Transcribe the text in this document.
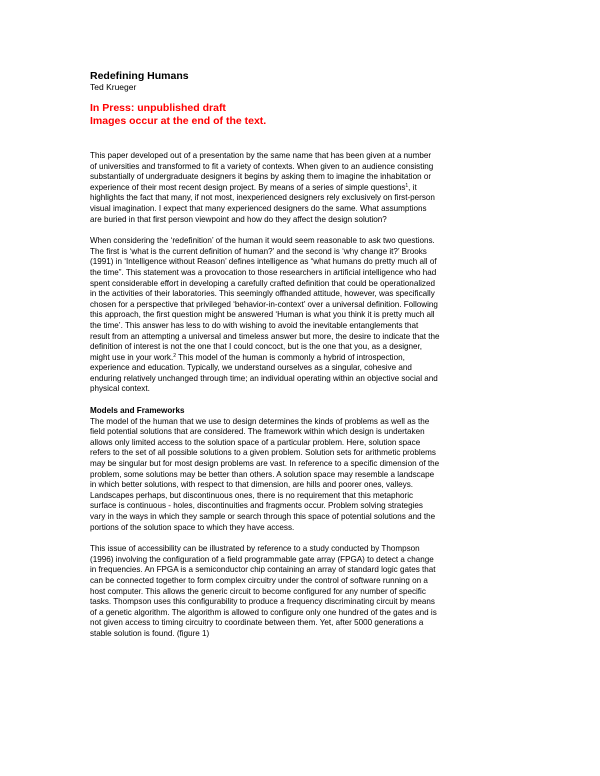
Redefining Humans
Ted Krueger
In Press: unpublished draft
Images occur at the end of the text.
This paper developed out of a presentation by the same name that has been given at a number
of universities and transformed to fit a variety of contexts. When given to an audience consisting
substantially of undergraduate designers it begins by asking them to imagine the inhabitation or
experience of their most recent design project. By means of a series of simple questions$^1$, it
highlights the fact that many, if not most, inexperienced designers rely exclusively on first-person
visual imagination. I expect that many experienced designers do the same. What assumptions
are buried in that first person viewpoint and how do they affect the design solution?
When considering the ‘redefinition’ of the human it would seem reasonable to ask two questions.
The first is ‘what is the current definition of human?’ and the second is ‘why change it?’ Brooks
(1991) in ‘Intelligence without Reason’ defines intelligence as “what humans do pretty much all of
the time”. This statement was a provocation to those researchers in artificial intelligence who had
spent considerable effort in developing a carefully crafted definition that could be operationalized
in the activities of their laboratories. This seemingly offhanded attitude, however, was specifically
chosen for a perspective that privileged ‘behavior-in-context’ over a universal definition. Following
this approach, the first question might be answered ‘Human is what you think it is pretty much all
the time’. This answer has less to do with wishing to avoid the inevitable entanglements that
result from an attempting a universal and timeless answer but more, the desire to indicate that the
definition of interest is not the one that I could concoct, but is the one that you, as a designer,
might use in your work.$^2$ This model of the human is commonly a hybrid of introspection,
experience and education. Typically, we understand ourselves as a singular, cohesive and
enduring relatively unchanged through time; an individual operating within an objective social and
physical context.
Models and Frameworks
The model of the human that we use to design determines the kinds of problems as well as the
field potential solutions that are considered. The framework within which design is undertaken
allows only limited access to the solution space of a particular problem. Here, solution space
refers to the set of all possible solutions to a given problem. Solution sets for arithmetic problems
may be singular but for most design problems are vast. In reference to a specific dimension of the
problem, some solutions may be better than others. A solution space may resemble a landscape
in which better solutions, with respect to that dimension, are hills and poorer ones, valleys.
Landscapes perhaps, but discontinuous ones, there is no requirement that this metaphoric
surface is continuous - holes, discontinuities and fragments occur. Problem solving strategies
vary in the ways in which they sample or search through this space of potential solutions and the
portions of the solution space to which they have access.
This issue of accessibility can be illustrated by reference to a study conducted by Thompson
(1996) involving the configuration of a field programmable gate array (FPGA) to detect a change
in frequencies. An FPGA is a semiconductor chip containing an array of standard logic gates that
can be connected together to form complex circuitry under the control of software running on a
host computer. This allows the generic circuit to become configured for any number of specific
tasks. Thompson uses this configurability to produce a frequency discriminating circuit by means
of a genetic algorithm. The algorithm is allowed to configure only one hundred of the gates and is
not given access to timing circuitry to coordinate between them. Yet, after 5000 generations a
stable solution is found. (figure 1)
